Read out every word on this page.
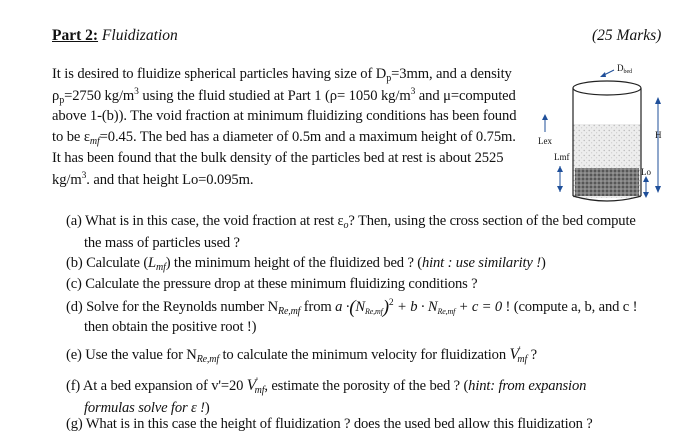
Part 2: Fluidization	(25 Marks)
It is desired to fluidize spherical particles having size of $D_p=3mm$, and a density
$\rho_p=2750$ $kg/m^3$ using the fluid studied at Part 1 (ρ= 1050 $kg/m^3$ and μ=computed
above 1-(b)). The void fraction at minimum fluidizing conditions has been found
to be $\varepsilon_{mf}=0.45$. The bed has a diameter of 0.5m and a maximum height of 0.75m.
It has been found that the bulk density of the particles bed at rest is about 2525
$kg/m^3$. and that height Lo=0.095m.
$D_{bed}$
Lex
Lmf
H
Lo
(a) What is in this case, the void fraction at rest $\varepsilon_o$? Then, using the cross section of the bed compute
the mass of particles used ?
(b) Calculate $(L_{mf})$ the minimum height of the fluidized bed ? (hint : use similarity !)
(c) Calculate the pressure drop at these minimum fluidizing conditions ?
(d) Solve for the Reynolds number $N_{Re,mf}$ from $a \cdot(N_{Re,mf})^2 + b \cdot N_{Re,mf} + c = 0$ ! (compute a, b, and c !
then obtain the positive root !)
(e) Use the value for $N_{Re,mf}$ to calculate the minimum velocity for fluidization $V'_{mf}$ ?
(f) At a bed expansion of v'=20 $V'_{mf}$, estimate the porosity of the bed ? (hint: from expansion
formulas solve for ε !)
(g) What is in this case the height of fluidization ? does the used bed allow this fluidization ?
